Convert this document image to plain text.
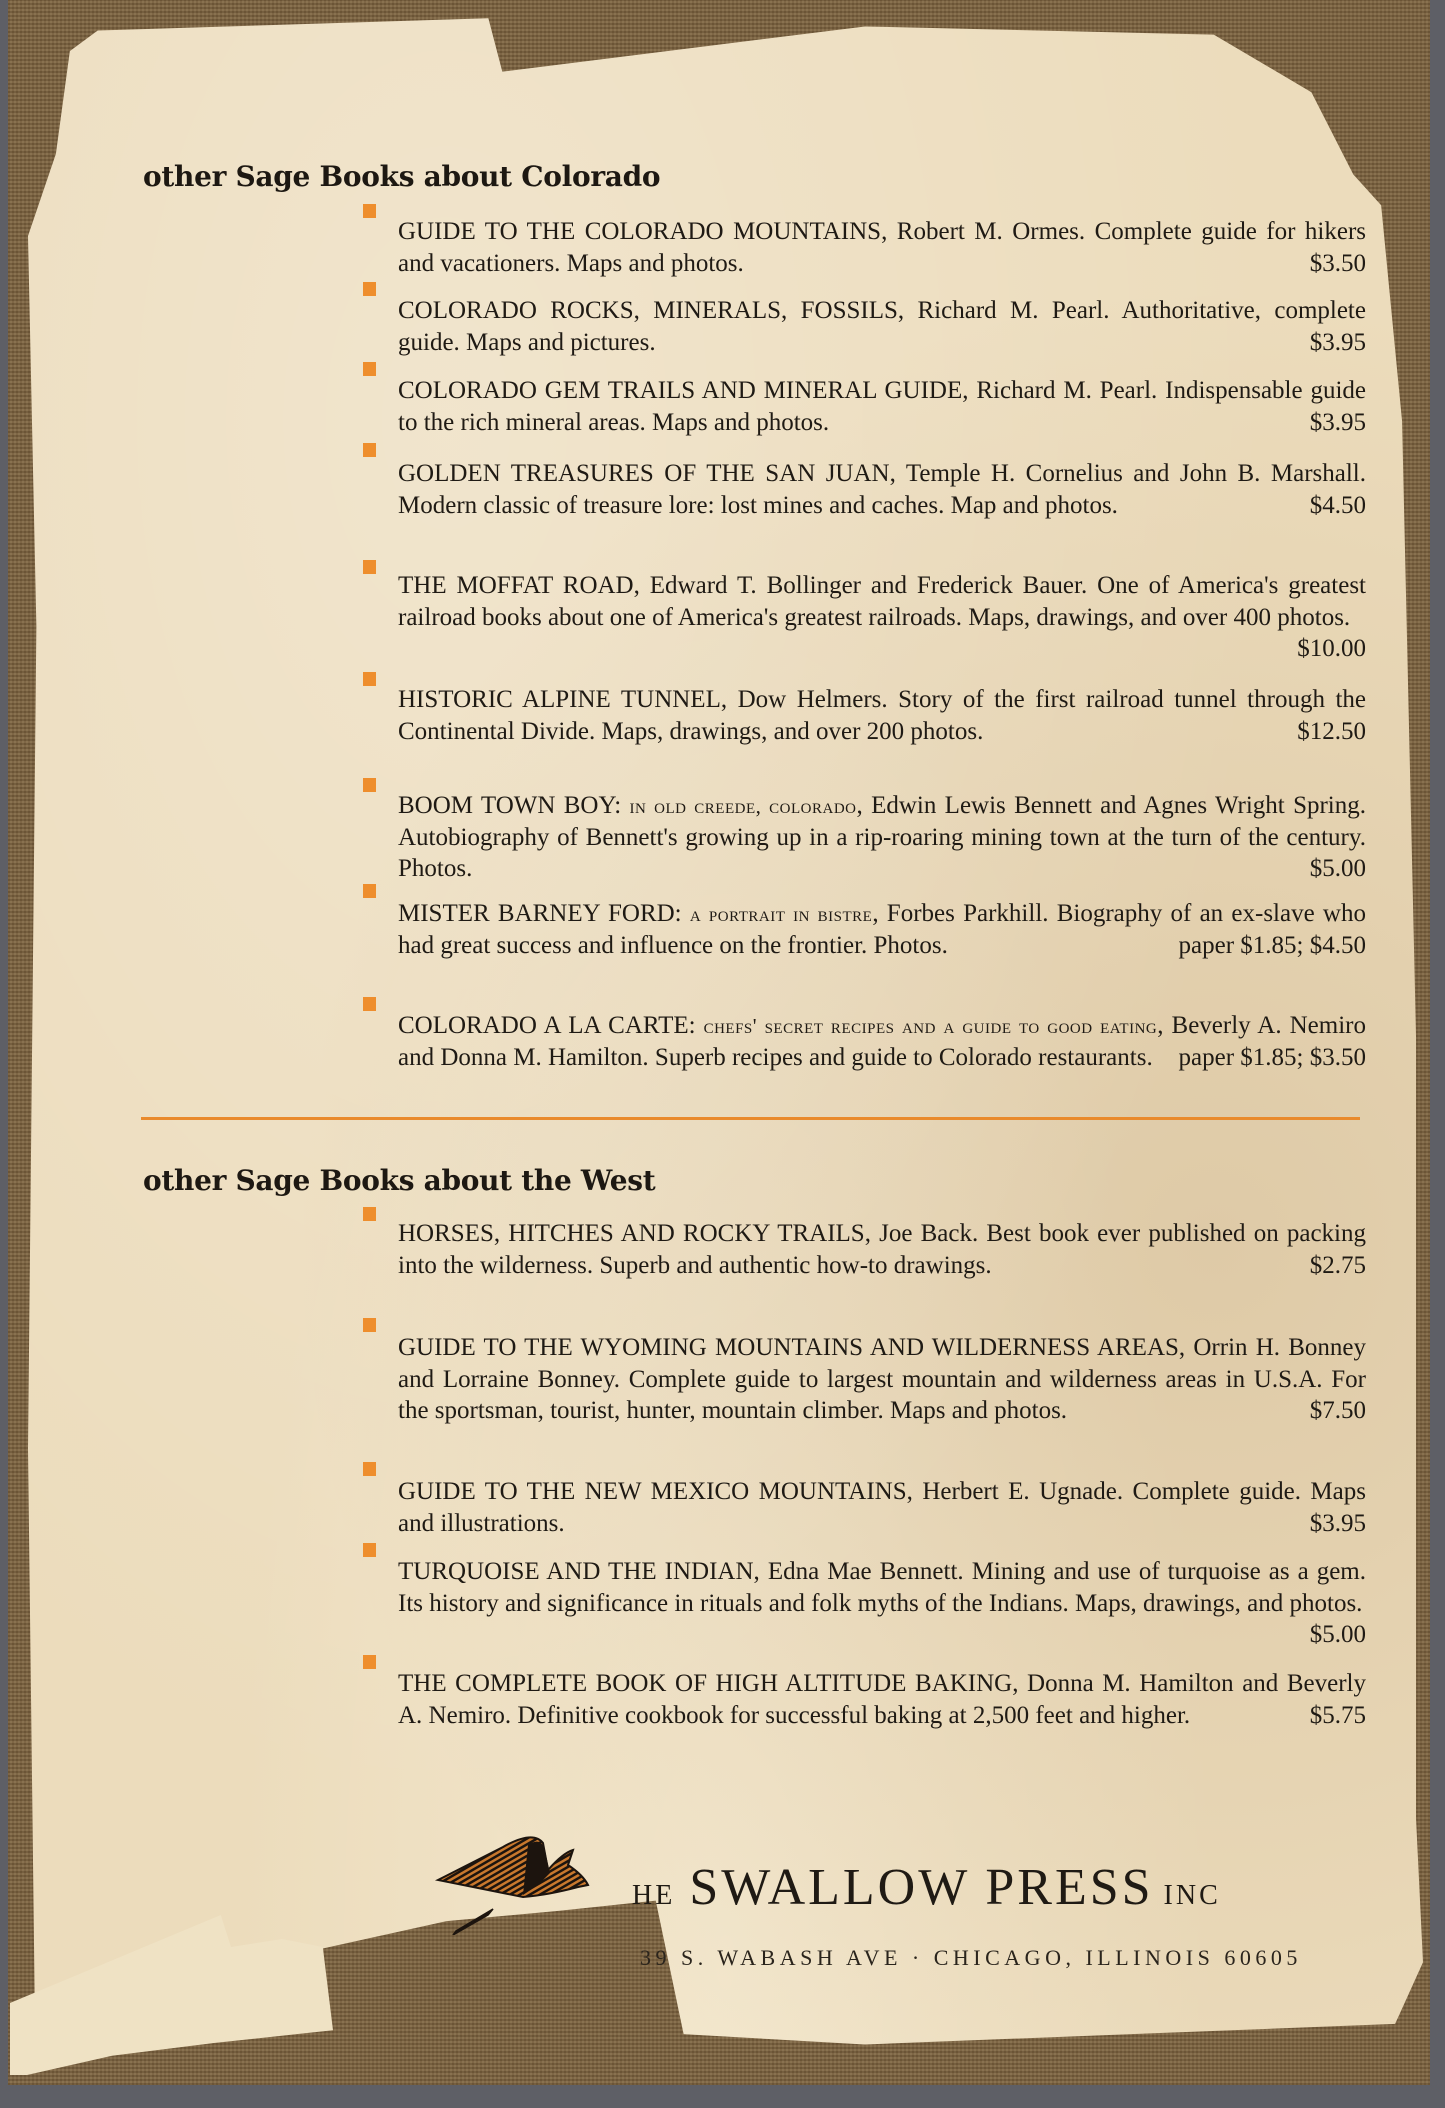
other Sage Books about Colorado
GUIDE TO THE COLORADO MOUNTAINS, Robert M. Ormes. Complete guide for hikers and vacationers. Maps and photos.	$3.50
COLORADO ROCKS, MINERALS, FOSSILS, Richard M. Pearl. Authoritative, complete guide. Maps and pictures.	$3.95
COLORADO GEM TRAILS AND MINERAL GUIDE, Richard M. Pearl. Indispensable guide to the rich mineral areas. Maps and photos.	$3.95
GOLDEN TREASURES OF THE SAN JUAN, Temple H. Cornelius and John B. Marshall. Modern classic of treasure lore: lost mines and caches. Map and photos.	$4.50
THE MOFFAT ROAD, Edward T. Bollinger and Frederick Bauer. One of America's greatest railroad books about one of America's greatest railroads. Maps, drawings, and over 400 photos.
$10.00
HISTORIC ALPINE TUNNEL, Dow Helmers. Story of the first railroad tunnel through the Continental Divide. Maps, drawings, and over 200 photos.	$12.50
BOOM TOWN BOY: in old creede, colorado, Edwin Lewis Bennett and Agnes Wright Spring. Autobiography of Bennett's growing up in a rip-roaring mining town at the turn of the century. Photos.	$5.00
MISTER BARNEY FORD: a portrait in bistre, Forbes Parkhill. Biography of an ex-slave who had great success and influence on the frontier. Photos.	paper $1.85; $4.50
COLORADO A LA CARTE: chefs' secret recipes and a guide to good eating, Beverly A. Nemiro and Donna M. Hamilton. Superb recipes and guide to Colorado restaurants. paper $1.85; $3.50
other Sage Books about the West
HORSES, HITCHES AND ROCKY TRAILS, Joe Back. Best book ever published on packing into the wilderness. Superb and authentic how-to drawings.	$2.75
GUIDE TO THE WYOMING MOUNTAINS AND WILDERNESS AREAS, Orrin H. Bonney and Lorraine Bonney. Complete guide to largest mountain and wilderness areas in U.S.A. For the sportsman, tourist, hunter, mountain climber. Maps and photos.	$7.50
GUIDE TO THE NEW MEXICO MOUNTAINS, Herbert E. Ugnade. Complete guide. Maps and illustrations.	$3.95
TURQUOISE AND THE INDIAN, Edna Mae Bennett. Mining and use of turquoise as a gem. Its history and significance in rituals and folk myths of the Indians. Maps, drawings, and photos.
$5.00
THE COMPLETE BOOK OF HIGH ALTITUDE BAKING, Donna M. Hamilton and Beverly A. Nemiro. Definitive cookbook for successful baking at 2,500 feet and higher.	$5.75
HE SWALLOW PRESS INC
39 S. WABASH AVE · CHICAGO, ILLINOIS 60605
